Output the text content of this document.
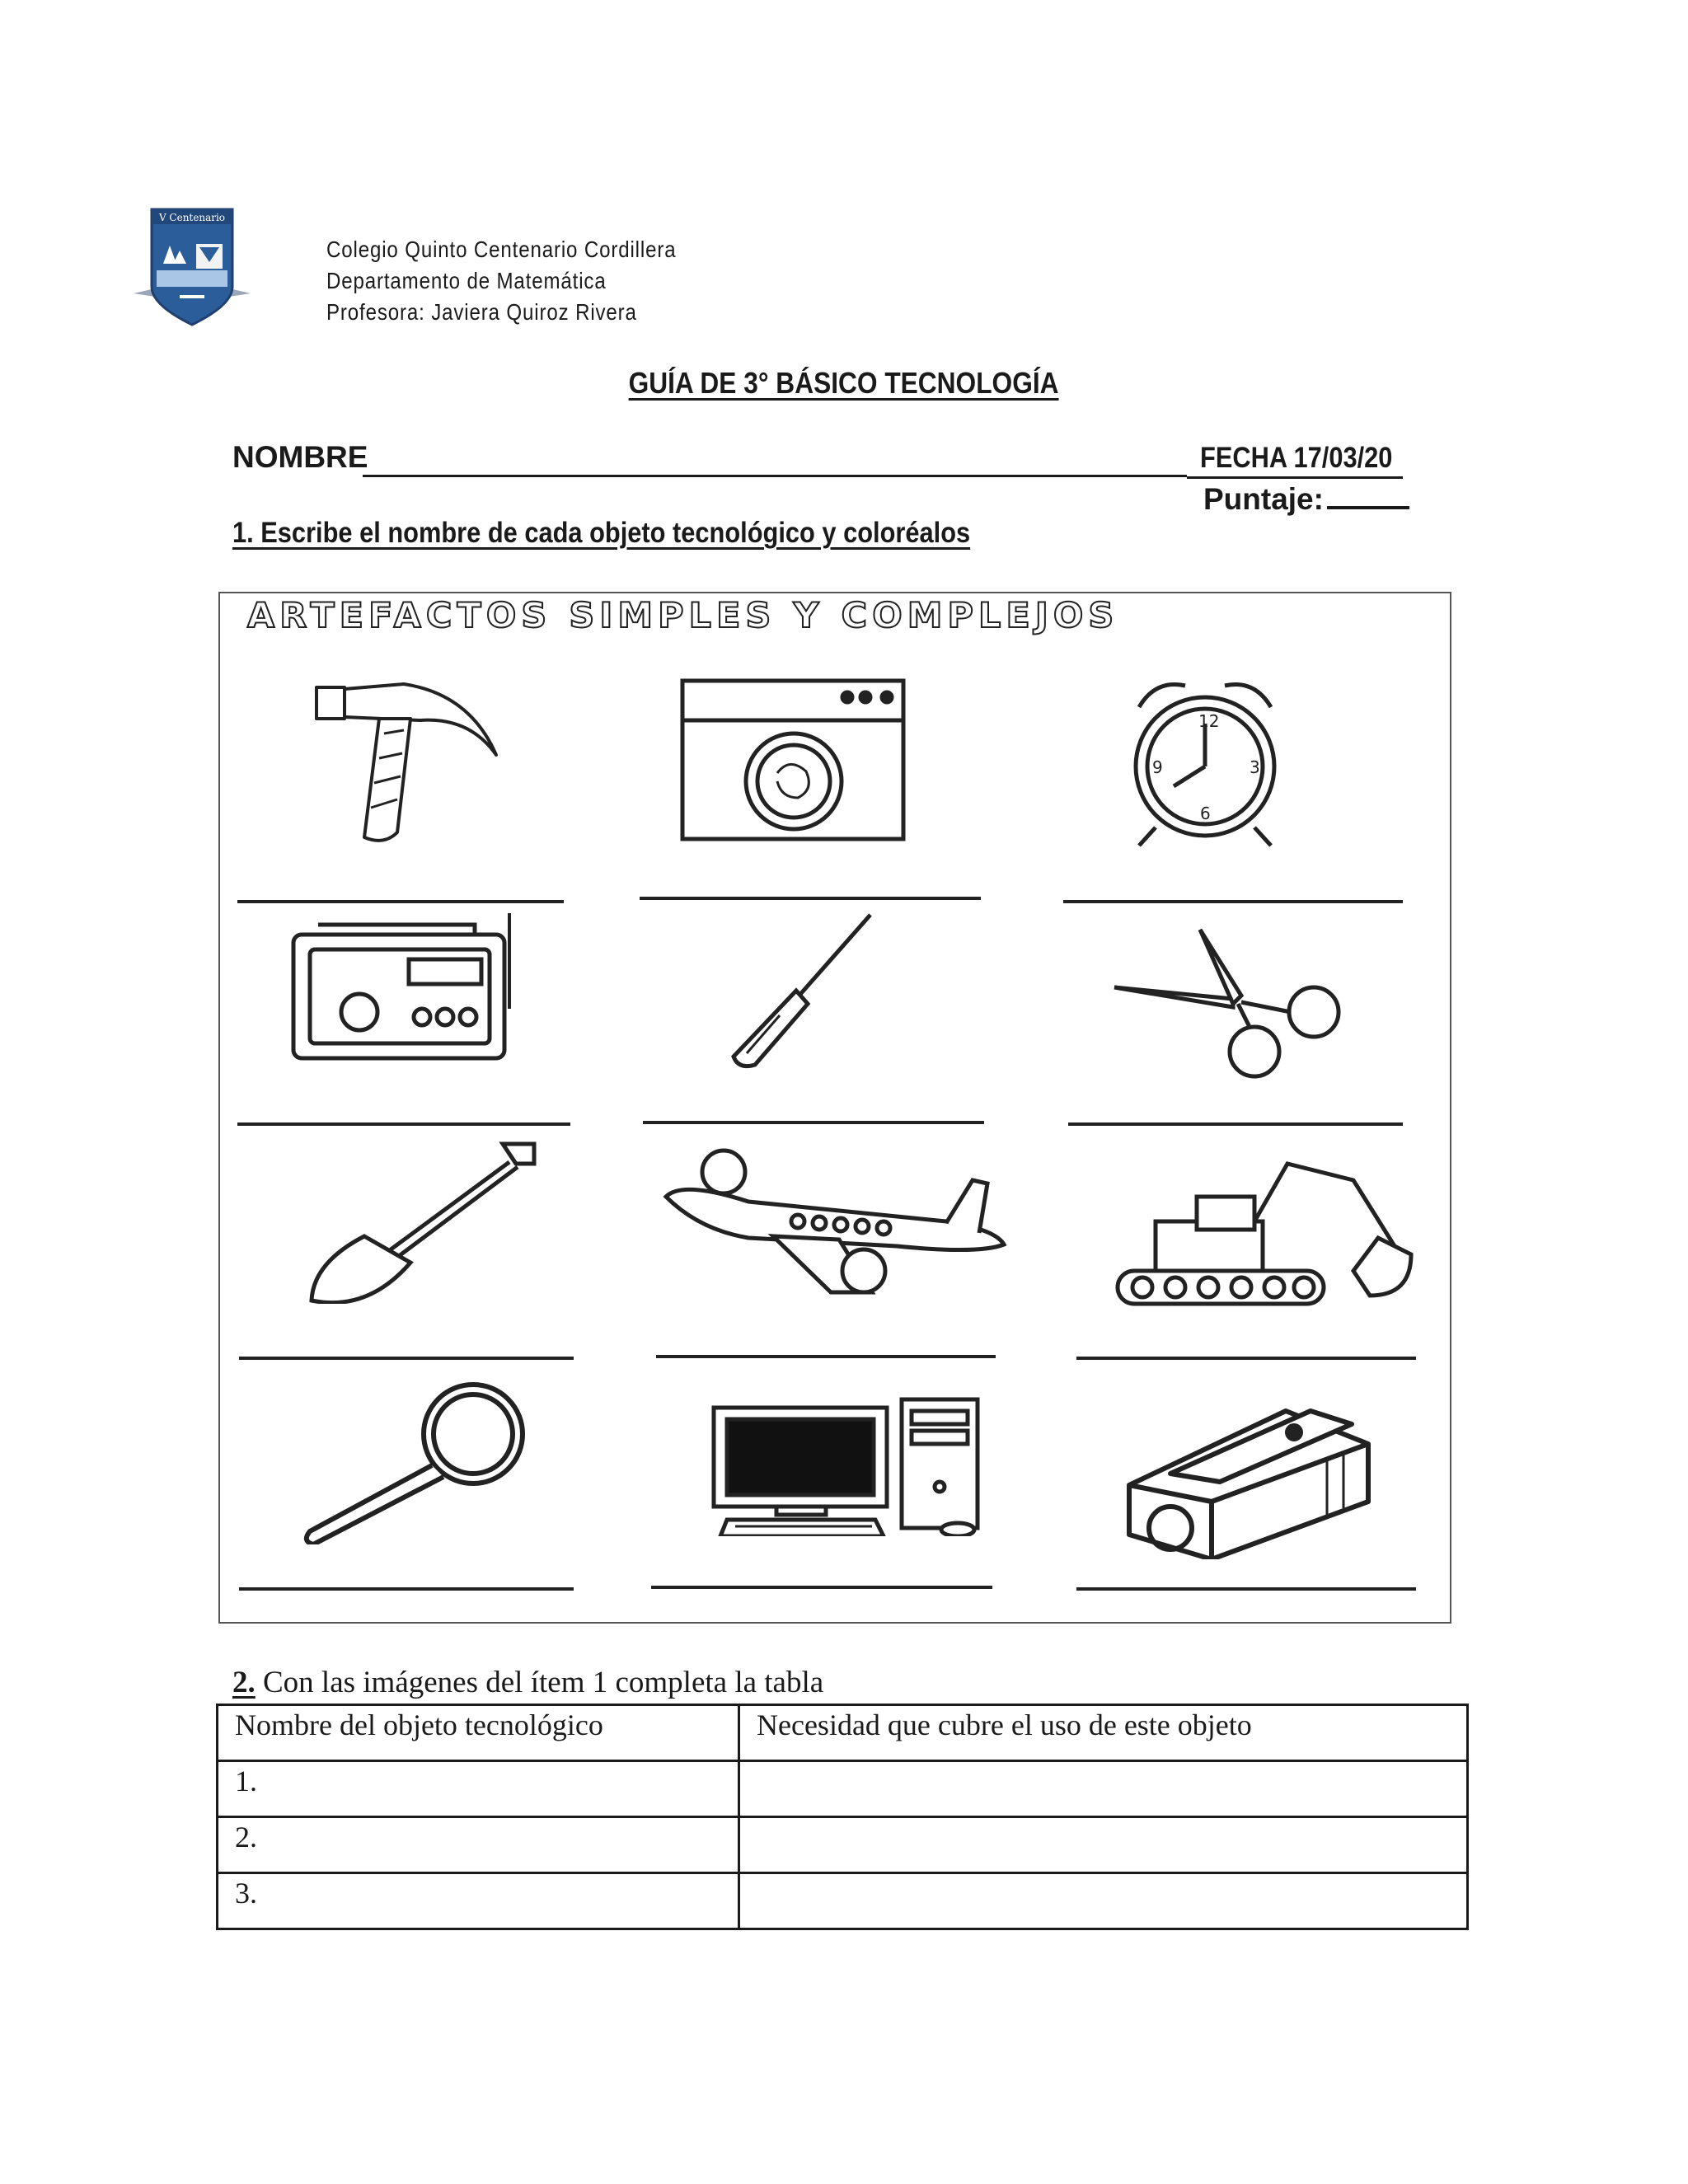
V Centenario
Colegio Quinto Centenario Cordillera
Departamento de Matemática
Profesora: Javiera Quiroz Rivera
GUÍA DE 3° BÁSICO TECNOLOGÍA
NOMBRE	FECHA 17/03/20
Puntaje:
1. Escribe el nombre de cada objeto tecnológico y coloréalos
ARTEFACTOS SIMPLES Y COMPLEJOS
12
3
6
9
2. Con las imágenes del ítem 1 completa la tabla
Nombre del objeto tecnológico	Necesidad que cubre el uso de este objeto
1.	
2.	
3.	
